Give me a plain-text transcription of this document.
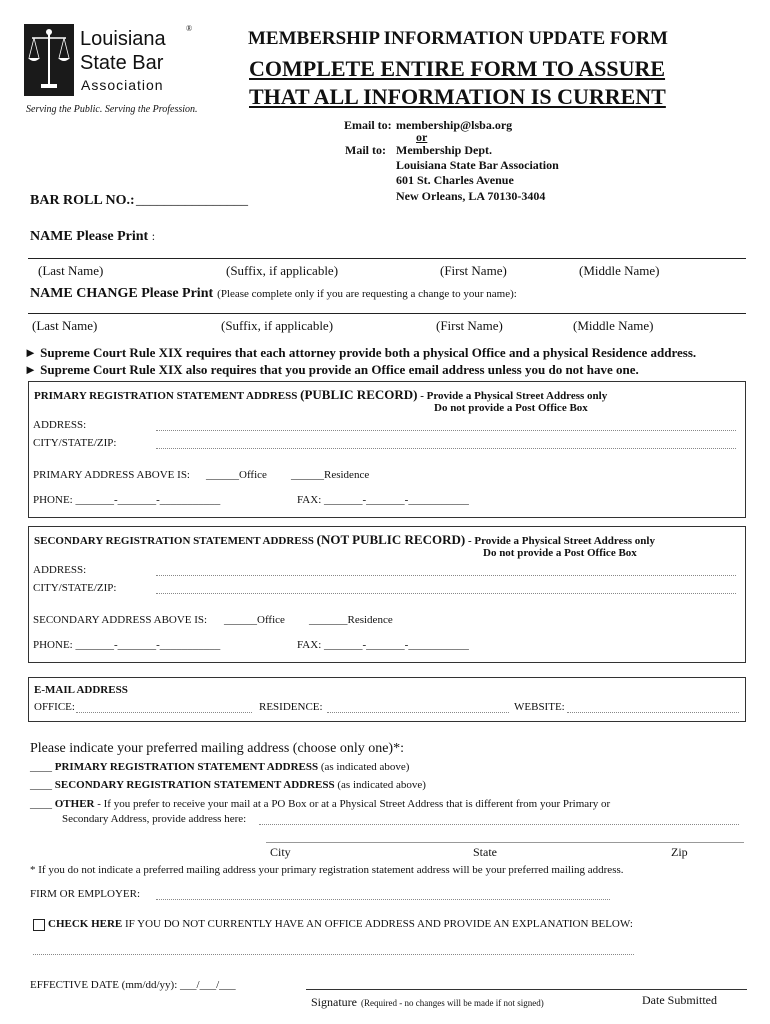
Louisiana	®
State Bar
Association
Serving the Public. Serving the Profession.
MEMBERSHIP INFORMATION UPDATE FORM
COMPLETE ENTIRE FORM TO ASSURE
THAT ALL INFORMATION IS CURRENT
Email to: membership@lsba.org
or
Mail to: Membership Dept.
Louisiana State Bar Association
601 St. Charles Avenue
New Orleans, LA 70130-3404
BAR ROLL NO.: ________________
NAME Please Print :
(Last Name)	(Suffix, if applicable)	(First Name)	(Middle Name)
NAME CHANGE Please Print (Please complete only if you are requesting a change to your name):
(Last Name)	(Suffix, if applicable)	(First Name)	(Middle Name)
► Supreme Court Rule XIX requires that each attorney provide both a physical Office and a physical Residence address.
► Supreme Court Rule XIX also requires that you provide an Office email address unless you do not have one.
PRIMARY REGISTRATION STATEMENT ADDRESS (PUBLIC RECORD) - Provide a Physical Street Address only
Do not provide a Post Office Box
ADDRESS:
CITY/STATE/ZIP:
PRIMARY ADDRESS ABOVE IS: ______Office ______Residence
PHONE: _______-_______-___________	FAX: _______-_______-___________
SECONDARY REGISTRATION STATEMENT ADDRESS (NOT PUBLIC RECORD) - Provide a Physical Street Address only
Do not provide a Post Office Box
ADDRESS:
CITY/STATE/ZIP:
SECONDARY ADDRESS ABOVE IS: ______Office _______Residence
PHONE: _______-_______-___________	FAX: _______-_______-___________
E-MAIL ADDRESS
OFFICE:	RESIDENCE:	WEBSITE:
Please indicate your preferred mailing address (choose only one)*:
____ PRIMARY REGISTRATION STATEMENT ADDRESS (as indicated above)
____ SECONDARY REGISTRATION STATEMENT ADDRESS (as indicated above)
____ OTHER - If you prefer to receive your mail at a PO Box or at a Physical Street Address that is different from your Primary or
Secondary Address, provide address here:
City	State	Zip
* If you do not indicate a preferred mailing address your primary registration statement address will be your preferred mailing address.
FIRM OR EMPLOYER:
CHECK HERE IF YOU DO NOT CURRENTLY HAVE AN OFFICE ADDRESS AND PROVIDE AN EXPLANATION BELOW:
EFFECTIVE DATE (mm/dd/yy): ___/___/___
Signature (Required - no changes will be made if not signed)	Date Submitted
